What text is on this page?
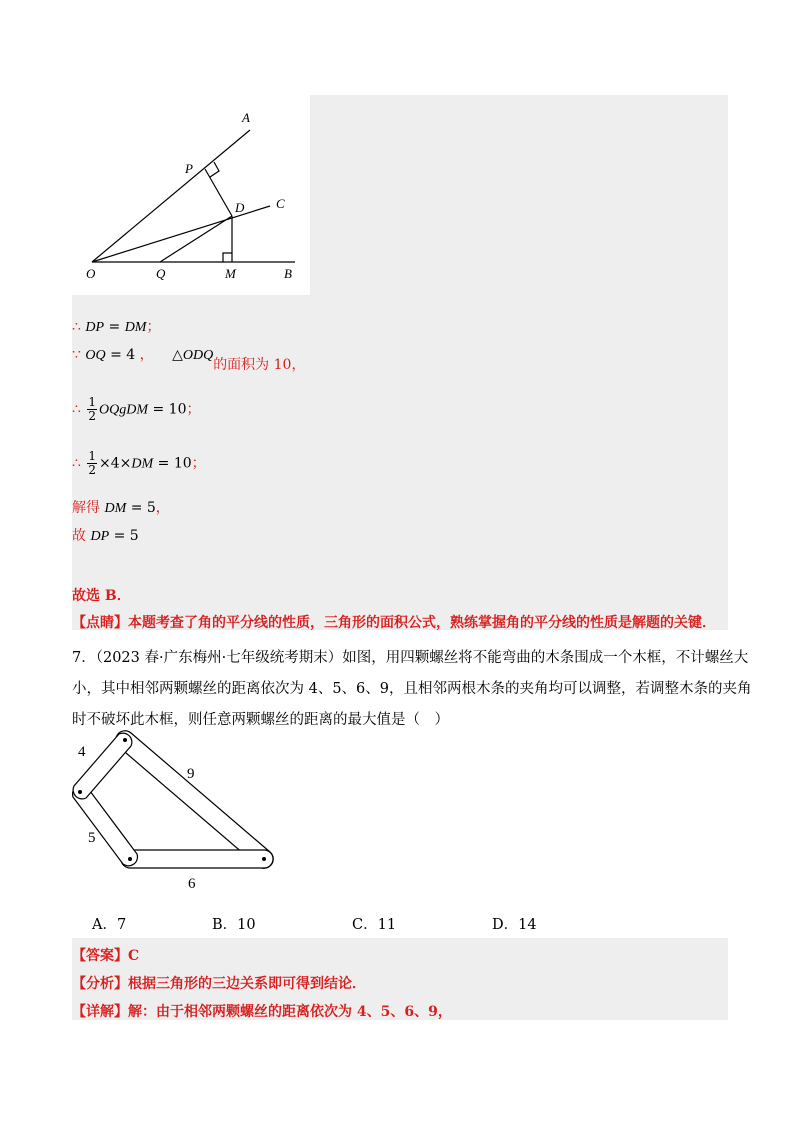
A
P
D C
O	Q	M	B
∴ DP = DM；
∵ OQ = 4 ， △ODQ的面积为 10，
∴ $\frac{1}{2}$ OQgDM = 10；
∴ $\frac{1}{2} \times 4\times DM = 10$；
解得 DM = 5，
故 DP = 5
故选 B．
【点睛】本题考查了角的平分线的性质，三角形的面积公式，熟练掌握角的平分线的性质是解题的关键．
7．（2023 春·广东梅州·七年级统考期末）如图，用四颗螺丝将不能弯曲的木条围成一个木框，不计螺丝大
小，其中相邻两颗螺丝的距离依次为 4、5、6、9，且相邻两根木条的夹角均可以调整，若调整木条的夹角
时不破坏此木框，则任意两颗螺丝的距离的最大值是（　）
4
9
5
6
A．7	B．10	C．11	D．14
【答案】C
【分析】根据三角形的三边关系即可得到结论．
【详解】解：由于相邻两颗螺丝的距离依次为 4、5、6、9，
